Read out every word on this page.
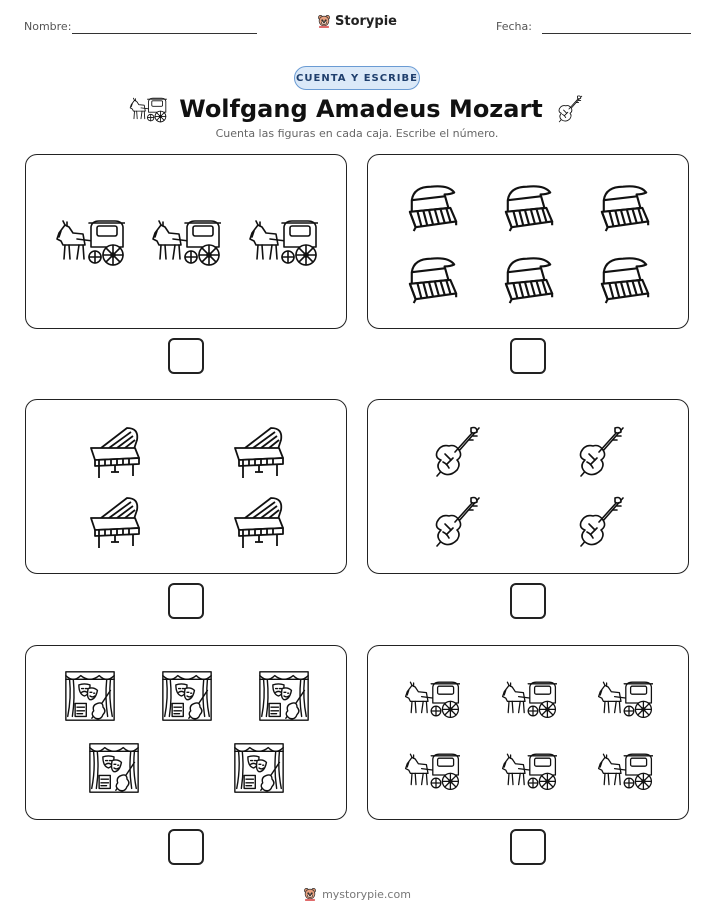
Nombre:	Storypie	Fecha:
CUENTA Y ESCRIBE
Wolfgang Amadeus Mozart
Cuenta las figuras en cada caja. Escribe el número.
mystorypie.com
